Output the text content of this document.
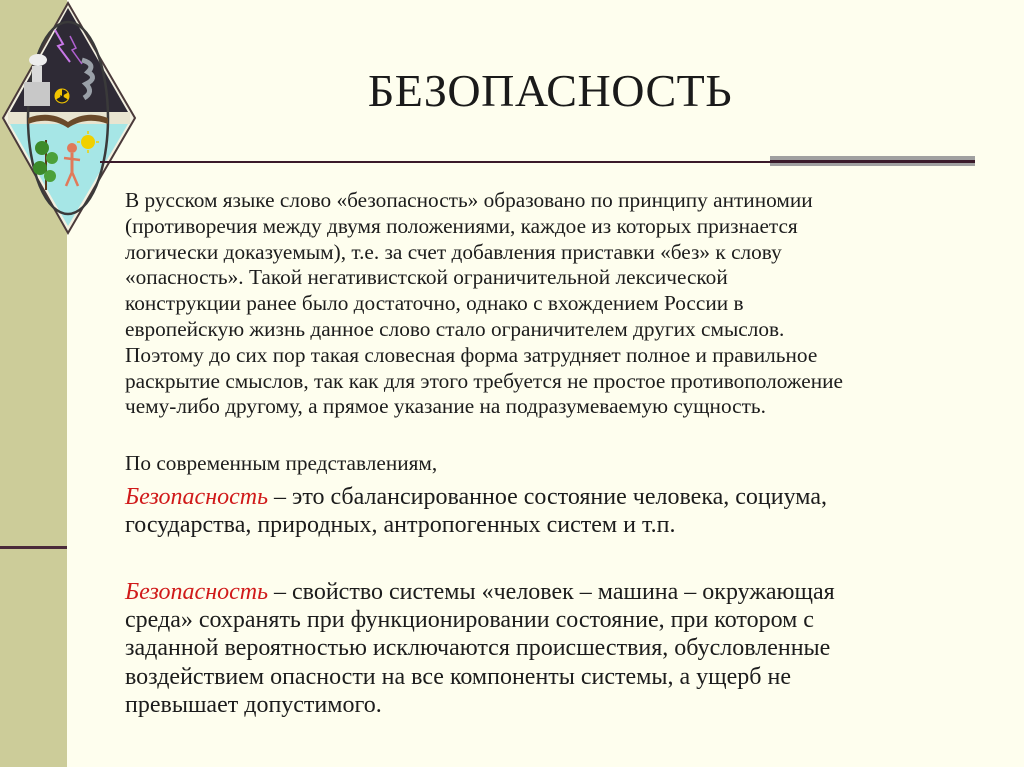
БЕЗОПАСНОСТЬ

В русском языке слово «безопасность» образовано по принципу антиномии
(противоречия между двумя положениями, каждое из которых признается
логически доказуемым), т.е. за счет добавления приставки «без» к слову
«опасность». Такой негативистской ограничительной лексической
конструкции ранее было достаточно, однако с вхождением России в
европейскую жизнь данное слово стало ограничителем других смыслов.
Поэтому до сих пор такая словесная форма затрудняет полное и правильное
раскрытие смыслов, так как для этого требуется не простое противоположение
чему-либо другому, а прямое указание на подразумеваемую сущность.

По современным представлениям,

Безопасность – это сбалансированное состояние человека, социума,
государства, природных, антропогенных систем и т.п.

Безопасность – свойство системы «человек – машина – окружающая
среда» сохранять при функционировании состояние, при котором с
заданной вероятностью исключаются происшествия, обусловленные
воздействием опасности на все компоненты системы, а ущерб не
превышает допустимого.
